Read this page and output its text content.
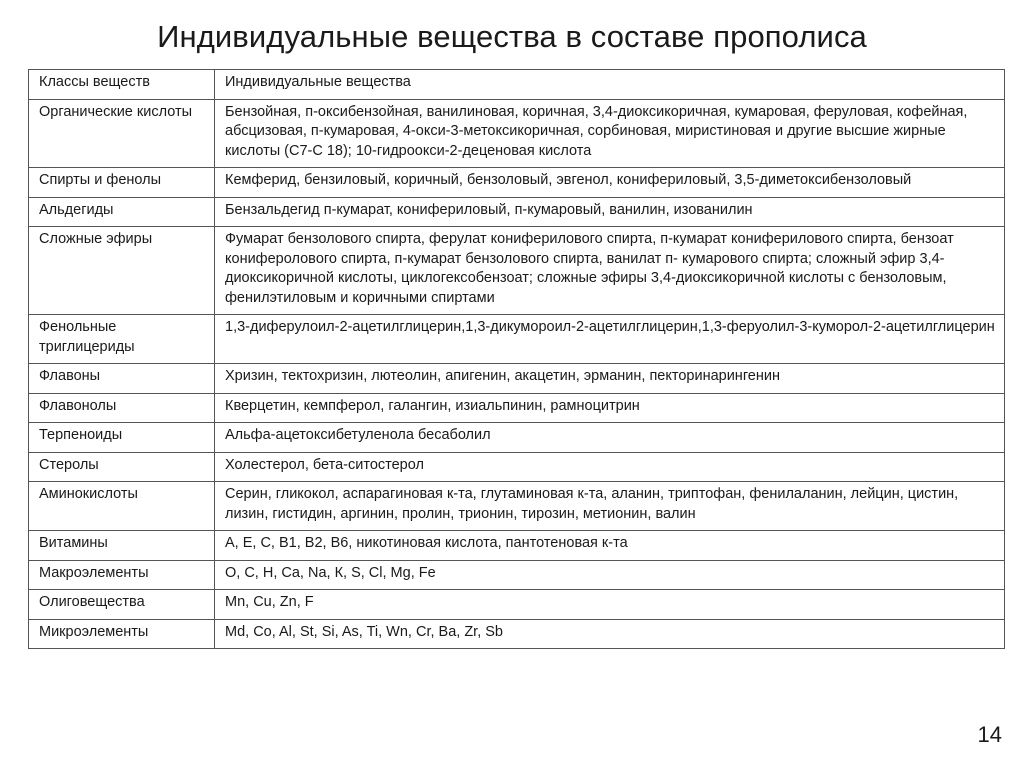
Индивидуальные вещества в составе прополиса
Классы веществ	Индивидуальные вещества
Органические кислоты	Бензойная, п-оксибензойная, ванилиновая, коричная, 3,4-диоксикоричная, кумаровая, феруловая, кофейная, абсцизовая, п-кумаровая, 4-окси-3-метоксикоричная, сорбиновая, миристиновая и другие высшие жирные кислоты (С7-С 18); 10-гидроокси-2-деценовая кислота
Спирты и фенолы	Кемферид, бензиловый, коричный, бензоловый, эвгенол, кониферилoвый, 3,5-диметоксибензоловый
Альдегиды	Бензальдегид п-кумарат, кониферилoвый, п-кумаровый, ванилин, изованилин
Сложные эфиры	Фумарат бензолового спирта, ферулат кониферилoвого спирта, п-кумарат кониферилoвого спирта, бензоат конифероловoго спирта, п-кумарат бензолового спирта, ванилат п- кумарового спирта; сложный эфир 3,4-диоксикоричной кислоты, циклогексобензоат; сложные эфиры 3,4-диоксикоричной кислоты с бензоловым, фенилэтиловым и коричными спиртами
Фенольные триглицериды	1,3-диферулоил-2-ацетилглицерин,1,3-дикумороил-2-ацетилглицерин,1,3-феруолил-3-куморол-2-ацетилглицерин
Флавоны	Хризин, тектохризин, лютеолин, апигенин, акацетин, эрманин, пекторинарингенин
Флавонолы	Кверцетин, кемпферол, галангин, изиальпинин, рамноцитрин
Терпеноиды	Альфа-ацетоксибетуленола бесаболил
Стеролы	Холестерол, бета-ситостерол
Аминокислоты	Серин, гликокол, аспарагиновая к-та, глутаминовая к-та, аланин, триптофан, фенилаланин, лейцин, цистин, лизин, гистидин, аргинин, пролин, трионин, тирозин, метионин, валин
Витамины	A, E, C, B1, B2, B6, никотиновая кислота, пантотеновая к-та
Макроэлементы	O, C, H, Ca, Na, К, S, Cl, Mg, Fe
Олиговещества	Mn, Cu, Zn, F
Микроэлементы	Md, Co, Al, St, Si, As, Ti, Wn, Cr, Ba, Zr, Sb
14
